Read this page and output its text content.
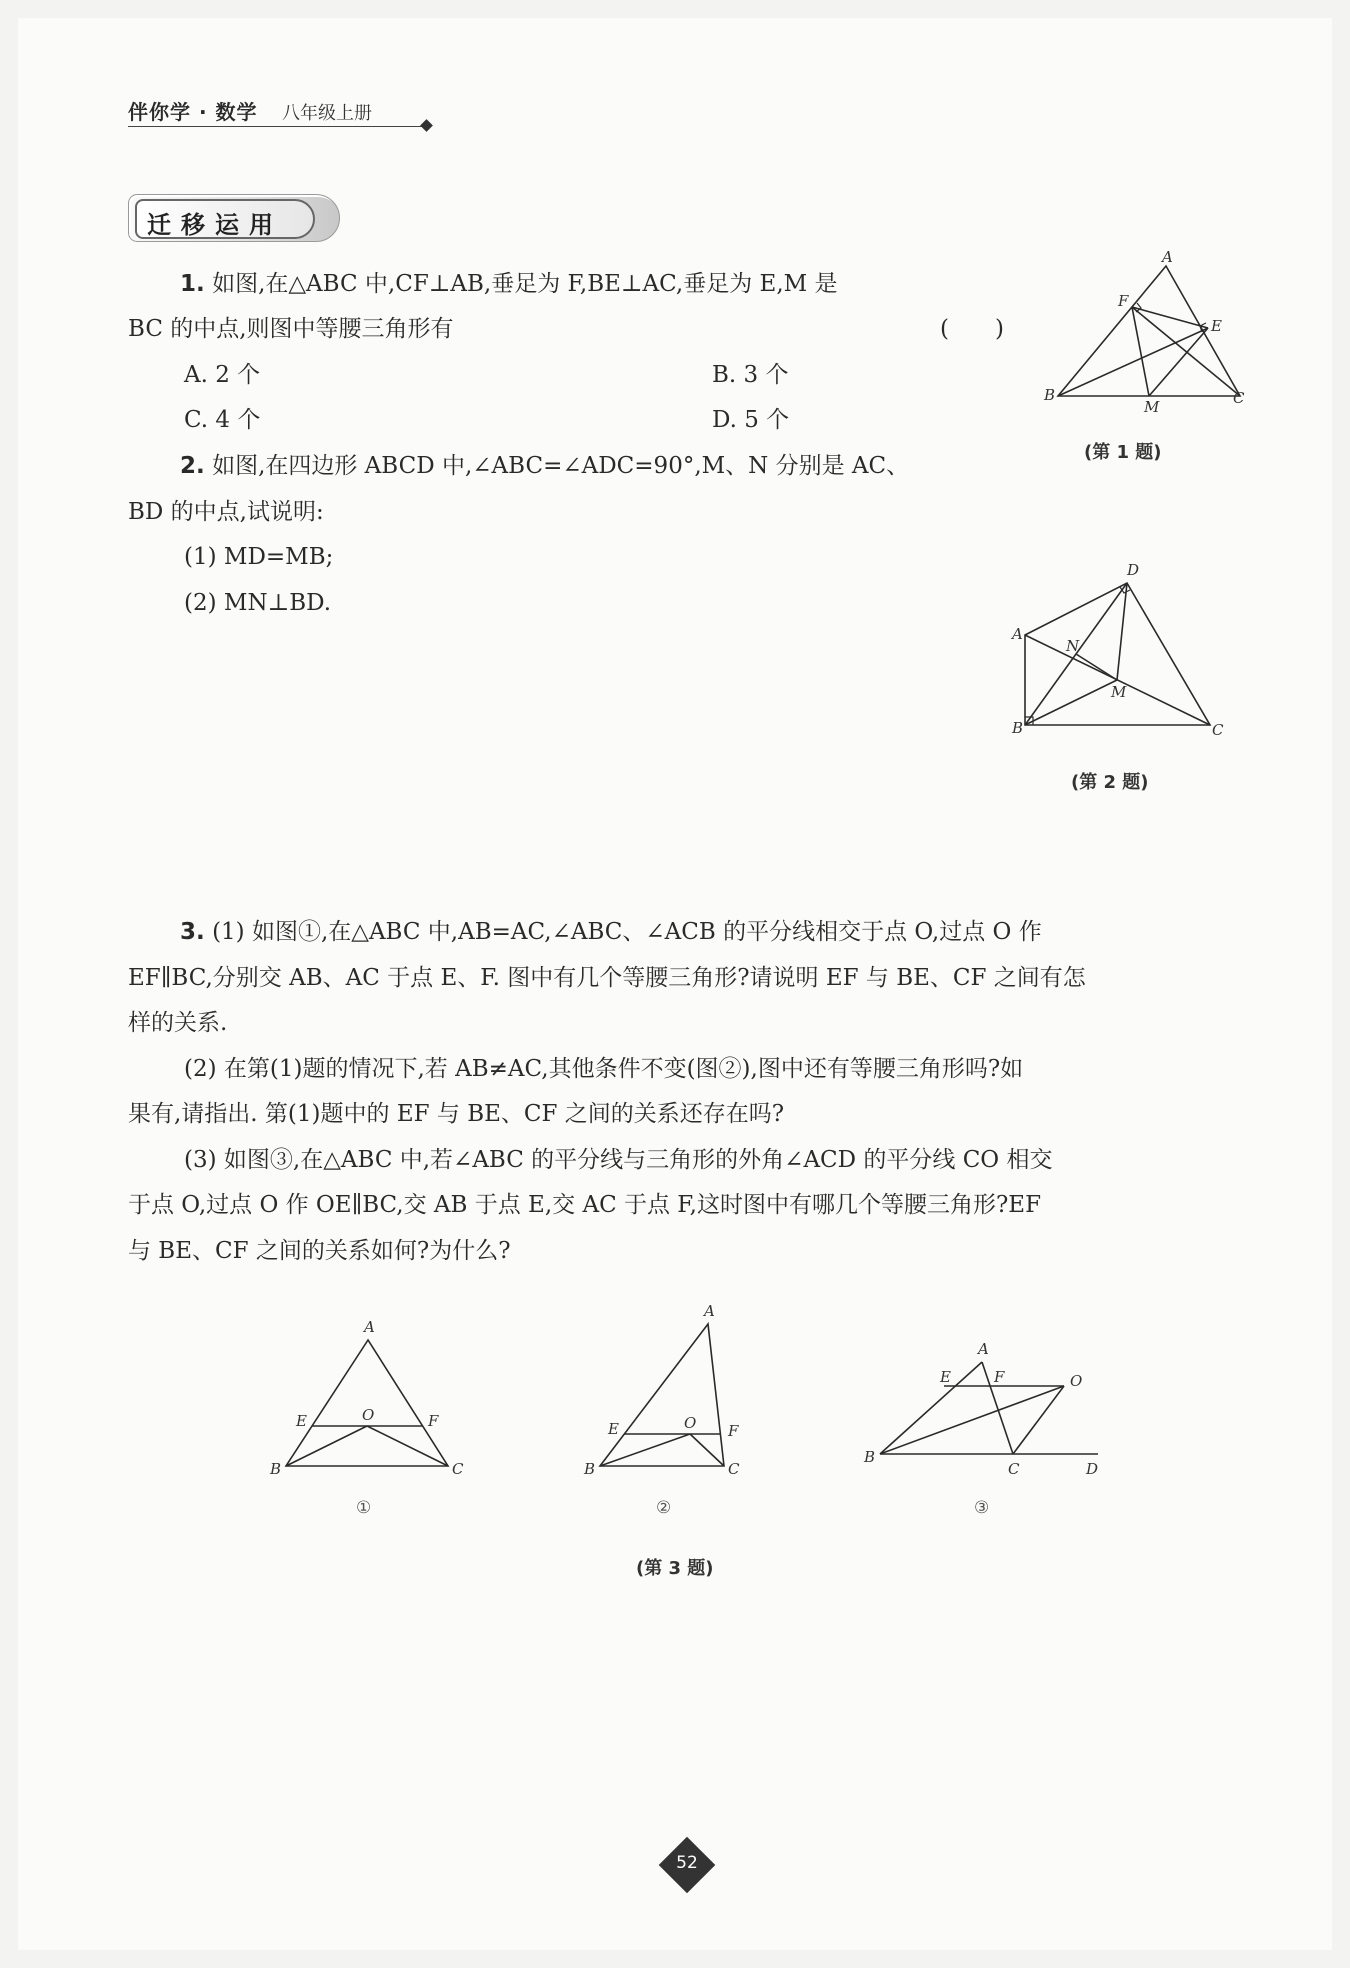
伴你学 · 数学 八年级上册
迁移运用
1. 如图,在△ABC 中,CF⊥AB,垂足为 F,BE⊥AC,垂足为 E,M 是
BC 的中点,则图中等腰三角形有	(　　)
A. 2 个	B. 3 个
C. 4 个	D. 5 个
A
B	C
F
E
M
(第 1 题)
2. 如图,在四边形 ABCD 中,∠ABC=∠ADC=90°,M、N 分别是 AC、
BD 的中点,试说明:
(1) MD=MB;
(2) MN⊥BD.
A
B	C
D
N
M
(第 2 题)
3. (1) 如图①,在△ABC 中,AB=AC,∠ABC、∠ACB 的平分线相交于点 O,过点 O 作
EF∥BC,分别交 AB、AC 于点 E、F. 图中有几个等腰三角形?请说明 EF 与 BE、CF 之间有怎
样的关系.
(2) 在第(1)题的情况下,若 AB≠AC,其他条件不变(图②),图中还有等腰三角形吗?如
果有,请指出. 第(1)题中的 EF 与 BE、CF 之间的关系还存在吗?
(3) 如图③,在△ABC 中,若∠ABC 的平分线与三角形的外角∠ACD 的平分线 CO 相交
于点 O,过点 O 作 OE∥BC,交 AB 于点 E,交 AC 于点 F,这时图中有哪几个等腰三角形?EF
与 BE、CF 之间的关系如何?为什么?
A
B	C
E	F
O
①
A
B	C
E	F
O
②
A
B
C	D
E	F	O
③
(第 3 题)
52
